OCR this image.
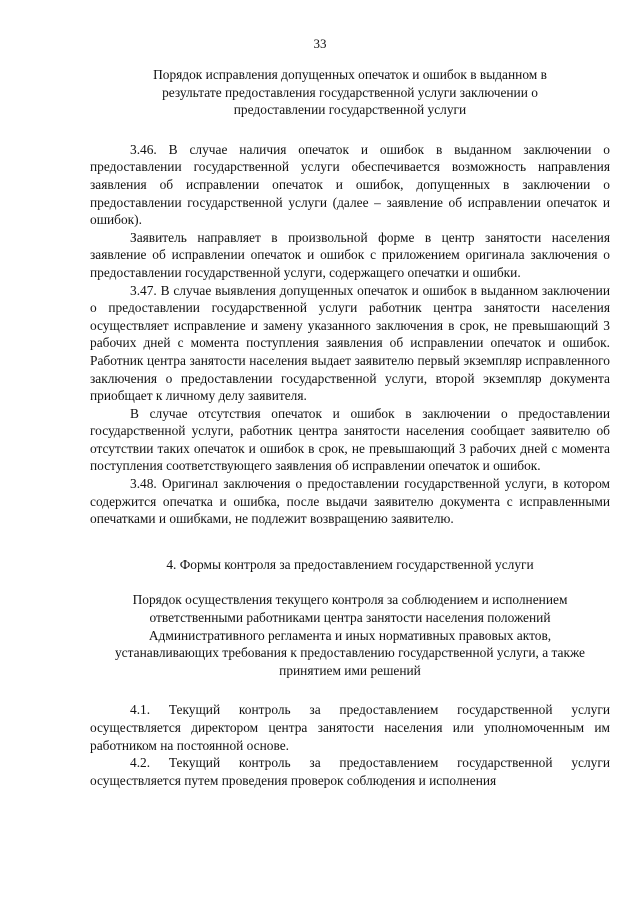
33

Порядок исправления допущенных опечаток и ошибок в выданном в результате предоставления государственной услуги заключении о предоставлении государственной услуги

3.46. В случае наличия опечаток и ошибок в выданном заключении о предоставлении государственной услуги обеспечивается возможность направления заявления об исправлении опечаток и ошибок, допущенных в заключении о предоставлении государственной услуги (далее – заявление об исправлении опечаток и ошибок).

Заявитель направляет в произвольной форме в центр занятости населения заявление об исправлении опечаток и ошибок с приложением оригинала заключения о предоставлении государственной услуги, содержащего опечатки и ошибки.

3.47. В случае выявления допущенных опечаток и ошибок в выданном заключении о предоставлении государственной услуги работник центра занятости населения осуществляет исправление и замену указанного заключения в срок, не превышающий 3 рабочих дней с момента поступления заявления об исправлении опечаток и ошибок. Работник центра занятости населения выдает заявителю первый экземпляр исправленного заключения о предоставлении государственной услуги, второй экземпляр документа приобщает к личному делу заявителя.

В случае отсутствия опечаток и ошибок в заключении о предоставлении государственной услуги, работник центра занятости населения сообщает заявителю об отсутствии таких опечаток и ошибок в срок, не превышающий 3 рабочих дней с момента поступления соответствующего заявления об исправлении опечаток и ошибок.

3.48. Оригинал заключения о предоставлении государственной услуги, в котором содержится опечатка и ошибка, после выдачи заявителю документа с исправленными опечатками и ошибками, не подлежит возвращению заявителю.

4. Формы контроля за предоставлением государственной услуги

Порядок осуществления текущего контроля за соблюдением и исполнением ответственными работниками центра занятости населения положений Административного регламента и иных нормативных правовых актов, устанавливающих требования к предоставлению государственной услуги, а также принятием ими решений

4.1. Текущий контроль за предоставлением государственной услуги осуществляется директором центра занятости населения или уполномоченным им работником на постоянной основе.

4.2. Текущий контроль за предоставлением государственной услуги осуществляется путем проведения проверок соблюдения и исполнения
